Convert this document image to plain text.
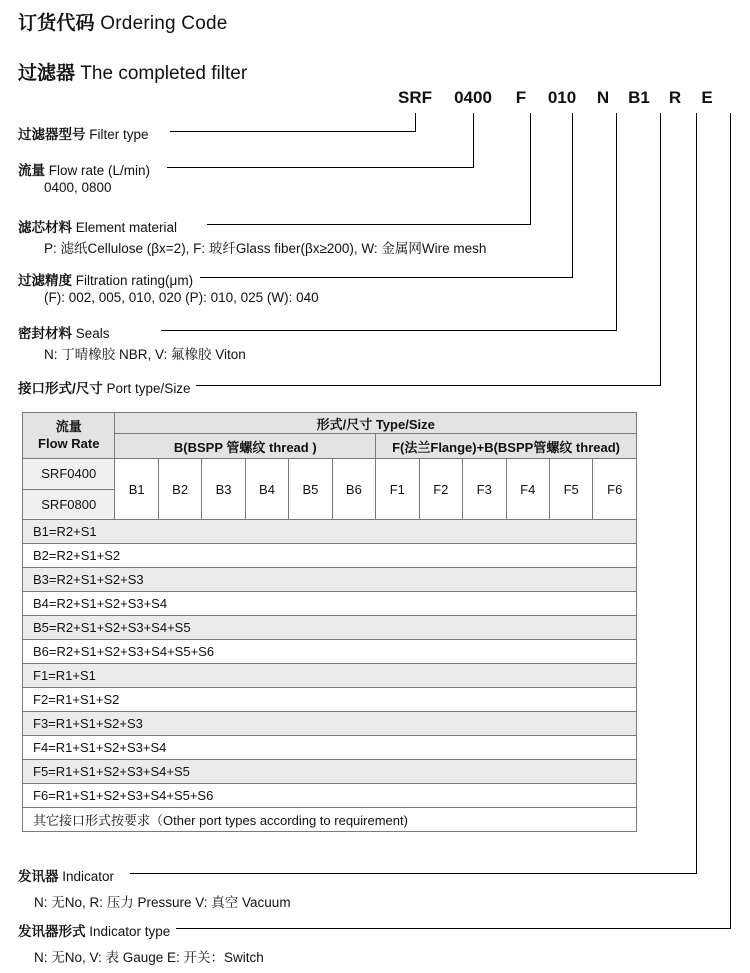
订货代码 Ordering Code
过滤器 The completed filter
SRF	0400	F	010	N	B1	R	E
过滤器型号 Filter type
流量 Flow rate (L/min)
0400, 0800
滤芯材料 Element material
P: 滤纸Cellulose (βx=2), F: 玻纤Glass fiber(βx≥200), W: 金属网Wire mesh
过滤精度 Filtration rating(μm)
(F): 002, 005, 010, 020 (P): 010, 025 (W): 040
密封材料 Seals
N: 丁晴橡胶 NBR, V: 氟橡胶 Viton
接口形式/尺寸 Port type/Size
发讯器 Indicator
N: 无No, R: 压力 Pressure V: 真空 Vacuum
发讯器形式 Indicator type
N: 无No, V: 表 Gauge E: 开关：Switch
流量
Flow Rate	形式/尺寸 Type/Size											
	B(BSPP 管螺纹 thread )						F(法兰Flange)+B(BSPP管螺纹 thread)					

SRF0400
SRF0800	B1	B2	B3	B4	B5	B6	F1	F2	F3	F4	F5	F6

B1=R2+S1												
B2=R2+S1+S2												
B3=R2+S1+S2+S3												
B4=R2+S1+S2+S3+S4												
B5=R2+S1+S2+S3+S4+S5												
B6=R2+S1+S2+S3+S4+S5+S6												
F1=R1+S1												
F2=R1+S1+S2												
F3=R1+S1+S2+S3												
F4=R1+S1+S2+S3+S4												
F5=R1+S1+S2+S3+S4+S5												
F6=R1+S1+S2+S3+S4+S5+S6												
其它接口形式按要求（Other port types according to requirement)												
